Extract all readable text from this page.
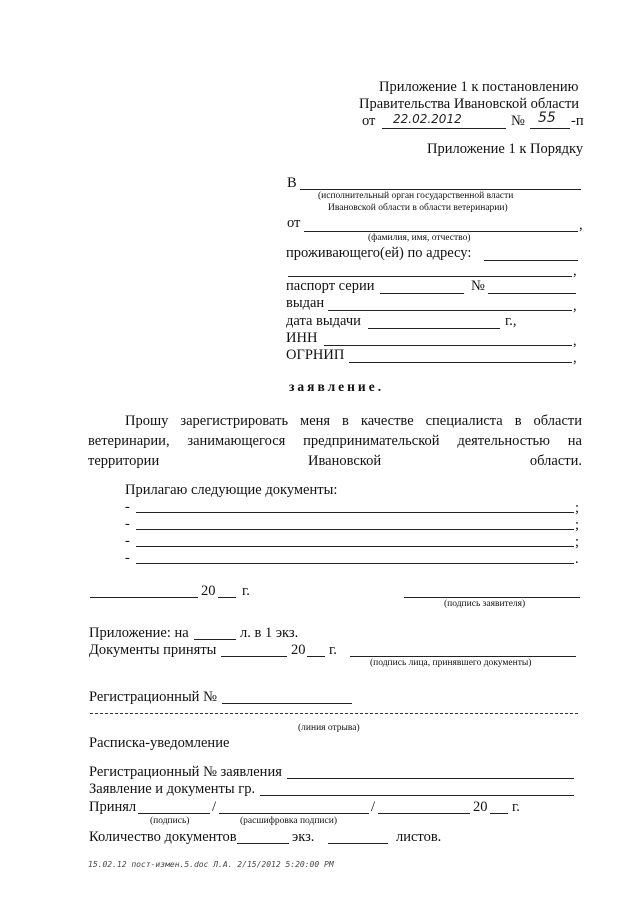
Приложение 1 к постановлению
Правительства Ивановской области
от 22.02.2012	№ 55 -п
Приложение 1 к Порядку
В
(исполнительный орган государственной власти
Ивановской области в области ветеринарии)
от	,
(фамилия, имя, отчество)
проживающего(ей) по адресу:
,
паспорт серии	№
выдан	,
дата выдачи	г.,
ИНН	,
ОГРНИП	,
заявление.
Прошу зарегистрировать меня в качестве специалиста в области ветеринарии, занимающегося предпринимательской деятельностью на территории Ивановской области.
Прилагаю следующие документы:
-	;
-	;
-	;
-	.
20 г.
(подпись заявителя)
Приложение: на	л. в 1 экз.
Документы приняты	20 г.
(подпись лица, принявшего документы)
Регистрационный №
(линия отрыва)
Расписка-уведомление
Регистрационный № заявления
Заявление и документы гр.
Принял	/	/	20 г.
(подпись)	(расшифровка подписи)
Количество документов	экз.	листов.
15.02.12 пост-измен.5.doc Л.А. 2/15/2012 5:20:00 PM
